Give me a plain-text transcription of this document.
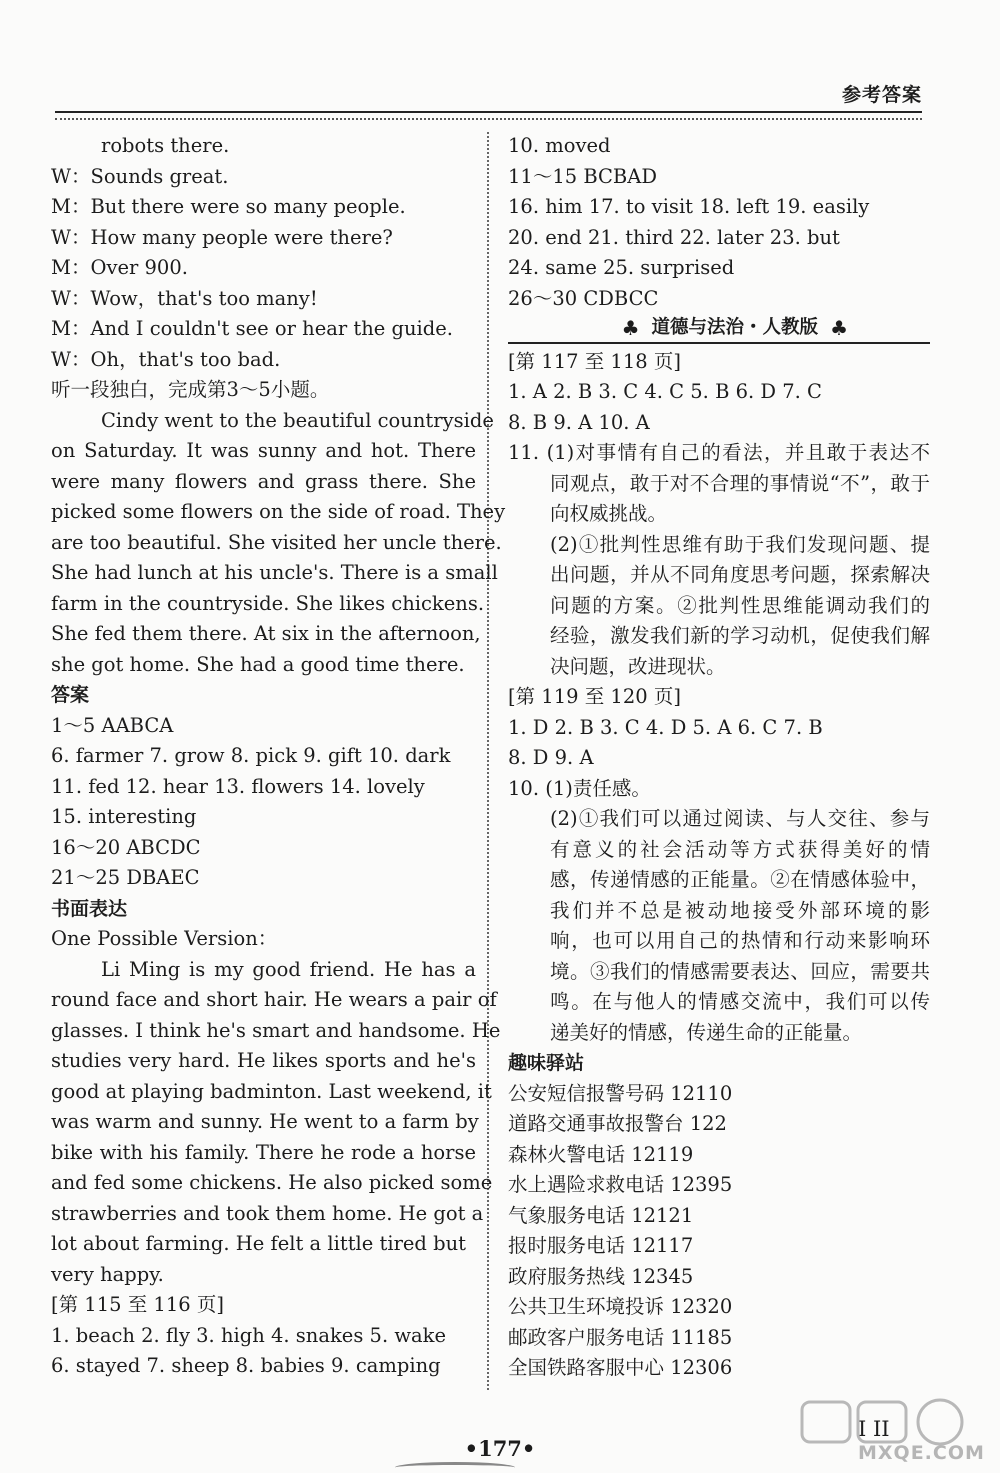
参考答案
robots there.
W：Sounds great.
M：But there were so many people.
W：How many people were there?
M：Over 900.
W：Wow，that's too many!
M：And I couldn't see or hear the guide.
W：Oh，that's too bad.
听一段独白，完成第3～5小题。
Cindy went to the beautiful countryside
on Saturday. It was sunny and hot. There
were many flowers and grass there. She
picked some flowers on the side of road. They
are too beautiful. She visited her uncle there.
She had lunch at his uncle's. There is a small
farm in the countryside. She likes chickens.
She fed them there. At six in the afternoon,
she got home. She had a good time there.
答案
1～5 AABCA
6. farmer 7. grow 8. pick 9. gift 10. dark
11. fed 12. hear 13. flowers 14. lovely
15. interesting
16～20 ABCDC
21～25 DBAEC
书面表达
One Possible Version：
Li Ming is my good friend. He has a
round face and short hair. He wears a pair of
glasses. I think he's smart and handsome. He
studies very hard. He likes sports and he's
good at playing badminton. Last weekend, it
was warm and sunny. He went to a farm by
bike with his family. There he rode a horse
and fed some chickens. He also picked some
strawberries and took them home. He got a
lot about farming. He felt a little tired but
very happy.
[第 115 至 116 页]
1. beach 2. fly 3. high 4. snakes 5. wake
6. stayed 7. sheep 8. babies 9. camping
10. moved
11～15 BCBAD
16. him 17. to visit 18. left 19. easily
20. end 21. third 22. later 23. but
24. same 25. surprised
26～30 CDBCC
♣ 道德与法治・人教版 ♣
[第 117 至 118 页]
1. A 2. B 3. C 4. C 5. B 6. D 7. C
8. B 9. A 10. A
11. (1)对事情有自己的看法，并且敢于表达不
同观点，敢于对不合理的事情说“不”，敢于
向权威挑战。
(2)①批判性思维有助于我们发现问题、提
出问题，并从不同角度思考问题，探索解决
问题的方案。②批判性思维能调动我们的
经验，激发我们新的学习动机，促使我们解
决问题，改进现状。
[第 119 至 120 页]
1. D 2. B 3. C 4. D 5. A 6. C 7. B
8. D 9. A
10. (1)责任感。
(2)①我们可以通过阅读、与人交往、参与
有意义的社会活动等方式获得美好的情
感，传递情感的正能量。②在情感体验中，
我们并不总是被动地接受外部环境的影
响，也可以用自己的热情和行动来影响环
境。③我们的情感需要表达、回应，需要共
鸣。在与他人的情感交流中，我们可以传
递美好的情感，传递生命的正能量。
趣味驿站
公安短信报警号码 12110
道路交通事故报警台 122
森林火警电话 12119
水上遇险求救电话 12395
气象服务电话 12121
报时服务电话 12117
政府服务热线 12345
公共卫生环境投诉 12320
邮政客户服务电话 11185
全国铁路客服中心 12306
•177•
I II
MXQE.COM
